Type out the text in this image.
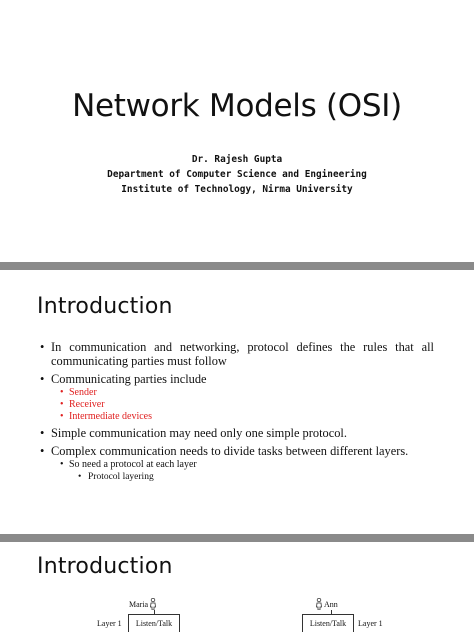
Network Models (OSI)
Dr. Rajesh Gupta
Department of Computer Science and Engineering
Institute of Technology, Nirma University
Introduction
• In communication and networking, protocol defines the rules that all communicating parties must follow
• Communicating parties include
• Sender
• Receiver
• Intermediate devices
• Simple communication may need only one simple protocol.
• Complex communication needs to divide tasks between different layers.
• So need a protocol at each layer
• Protocol layering
Introduction
Maria
Layer 1	Listen/Talk
Ann
Listen/Talk	Layer 1
